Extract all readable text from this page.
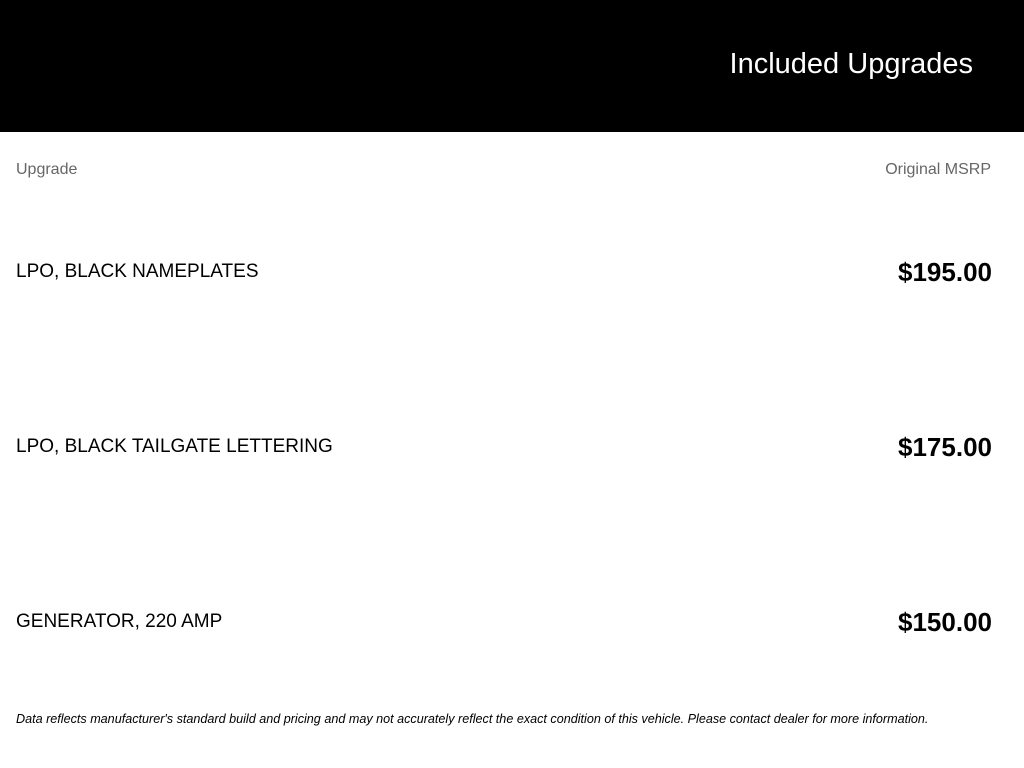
Included Upgrades
Upgrade	Original MSRP
LPO, BLACK NAMEPLATES	$195.00
LPO, BLACK TAILGATE LETTERING	$175.00
GENERATOR, 220 AMP	$150.00
Data reflects manufacturer's standard build and pricing and may not accurately reflect the exact condition of this vehicle. Please contact dealer for more information.
